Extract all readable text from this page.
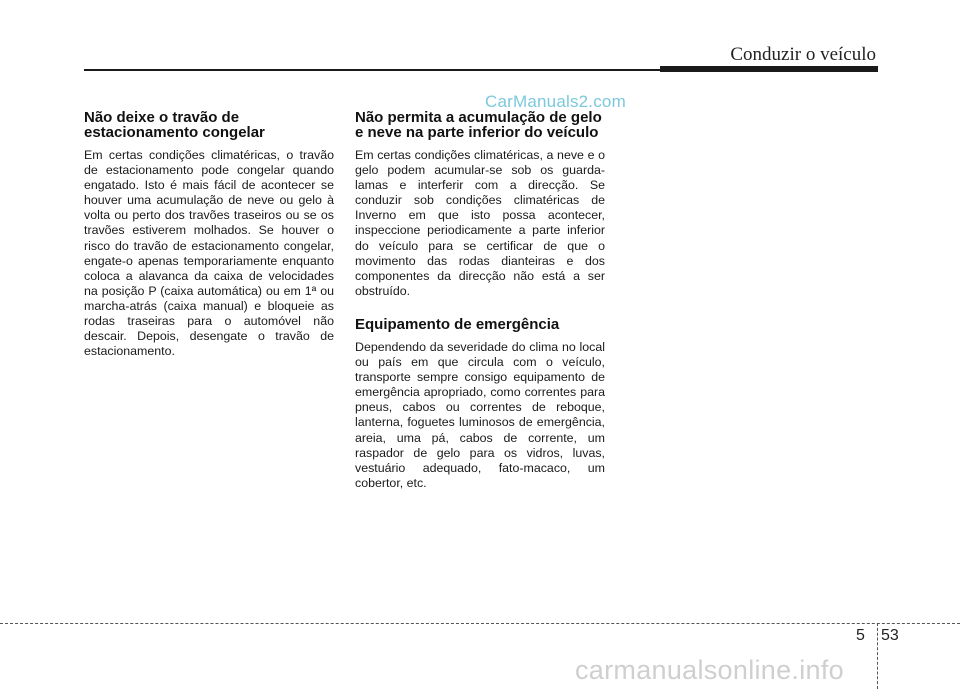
Conduzir o veículo
CarManuals2.com
Não deixe o travão de estacionamento congelar

Em certas condições climatéricas, o travão de estacionamento pode congelar quando engatado. Isto é mais fácil de acontecer se houver uma acumulação de neve ou gelo à volta ou perto dos travões traseiros ou se os travões estiverem molhados. Se houver o risco do travão de estacionamento congelar, engate-o apenas temporariamente enquanto coloca a alavanca da caixa de velocidades na posição P (caixa automática) ou em 1ª ou marcha-atrás (caixa manual) e bloqueie as rodas traseiras para o automóvel não descair. Depois, desengate o travão de estacionamento.

Não permita a acumulação de gelo e neve na parte inferior do veículo

Em certas condições climatéricas, a neve e o gelo podem acumular-se sob os guarda-lamas e interferir com a direcção. Se conduzir sob condições climatéricas de Inverno em que isto possa acontecer, inspeccione periodicamente a parte inferior do veículo para se certificar de que o movimento das rodas dianteiras e dos componentes da direcção não está a ser obstruído.

Equipamento de emergência

Dependendo da severidade do clima no local ou país em que circula com o veículo, transporte sempre consigo equipamento de emergência apropriado, como correntes para pneus, cabos ou correntes de reboque, lanterna, foguetes luminosos de emergência, areia, uma pá, cabos de corrente, um raspador de gelo para os vidros, luvas, vestuário adequado, fato-macaco, um cobertor, etc.

5 53
carmanualsonline.info
